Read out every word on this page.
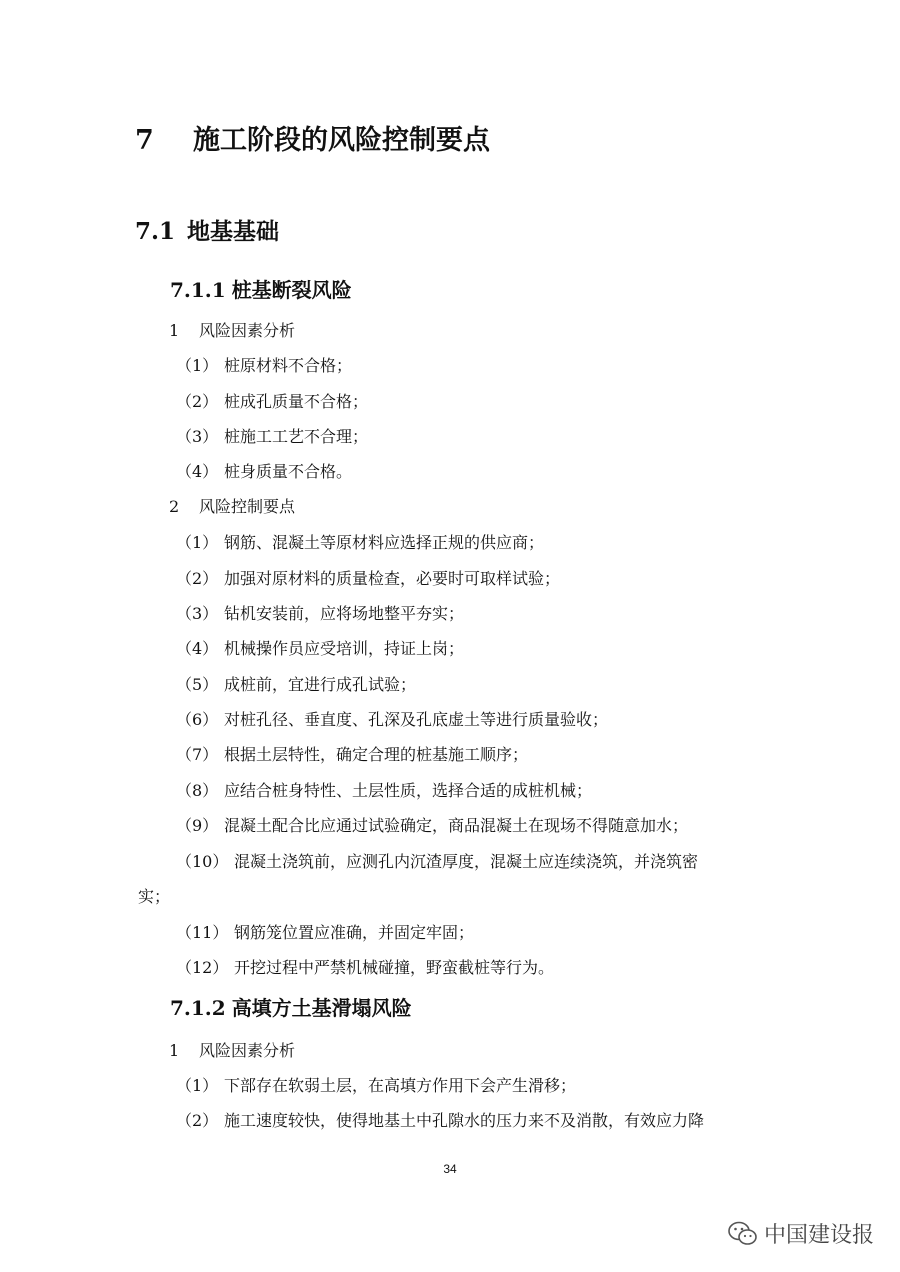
7 施工阶段的风险控制要点
7.1 地基基础
7.1.1 桩基断裂风险
1 风险因素分析
（1） 桩原材料不合格；
（2） 桩成孔质量不合格；
（3） 桩施工工艺不合理；
（4） 桩身质量不合格。
2 风险控制要点
（1） 钢筋、混凝土等原材料应选择正规的供应商；
（2） 加强对原材料的质量检查，必要时可取样试验；
（3） 钻机安装前，应将场地整平夯实；
（4） 机械操作员应受培训，持证上岗；
（5） 成桩前，宜进行成孔试验；
（6） 对桩孔径、垂直度、孔深及孔底虚土等进行质量验收；
（7） 根据土层特性，确定合理的桩基施工顺序；
（8） 应结合桩身特性、土层性质，选择合适的成桩机械；
（9） 混凝土配合比应通过试验确定，商品混凝土在现场不得随意加水；
（10） 混凝土浇筑前，应测孔内沉渣厚度，混凝土应连续浇筑，并浇筑密
实；
（11） 钢筋笼位置应准确，并固定牢固；
（12） 开挖过程中严禁机械碰撞，野蛮截桩等行为。
7.1.2 高填方土基滑塌风险
1 风险因素分析
（1） 下部存在软弱土层，在高填方作用下会产生滑移；
（2） 施工速度较快，使得地基土中孔隙水的压力来不及消散，有效应力降
34
中国建设报
